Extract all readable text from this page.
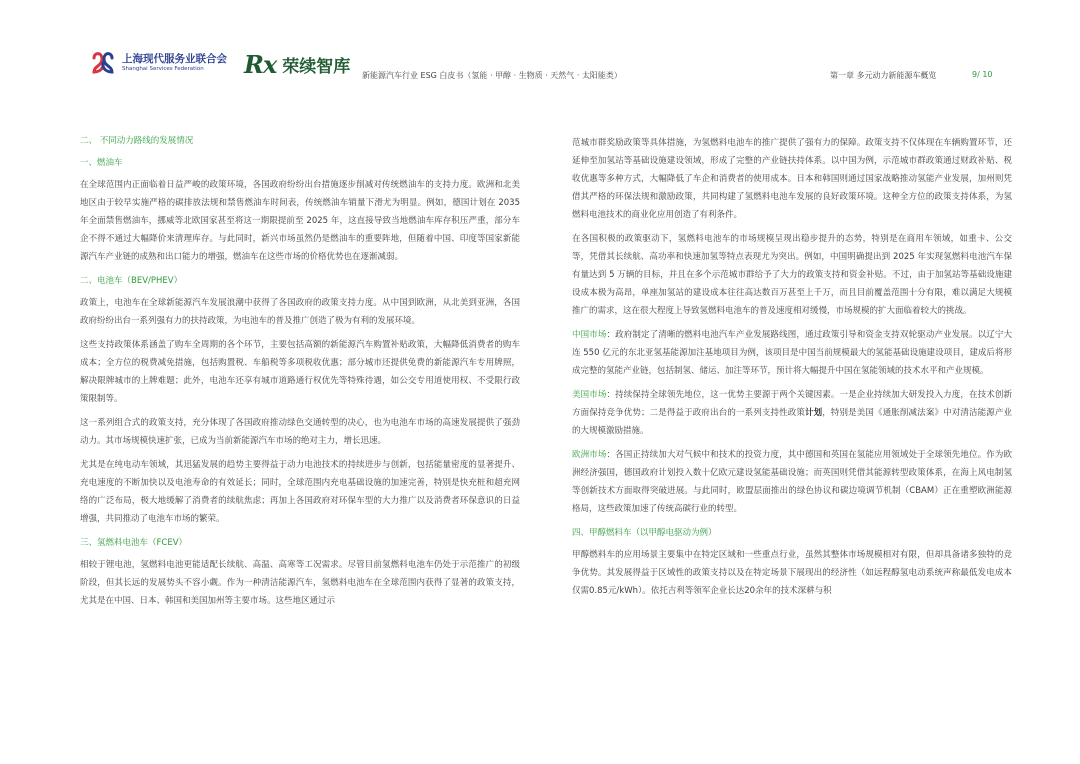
上海现代服务业联合会
Shanghai Services Federation	Rx 荣续智库 新能源汽车行业 ESG 白皮书（氢能 · 甲醇 · 生物质 · 天然气 · 太阳能类）	第一章 多元动力新能源车概览	9/ 10
二、 不同动力路线的发展情况
一、燃油车

在全球范围内正面临着日益严峻的政策环境，各国政府纷纷出台措施逐步削减对传统燃油车的支持力度。欧洲和北美地区由于较早实施严格的碳排放法规和禁售燃油车时间表，传统燃油车销量下滑尤为明显。例如，德国计划在 2035 年全面禁售燃油车，挪威等北欧国家甚至将这一期限提前至 2025 年，这直接导致当地燃油车库存积压严重，部分车企不得不通过大幅降价来清理库存。与此同时，新兴市场虽然仍是燃油车的重要阵地，但随着中国、印度等国家新能源汽车产业链的成熟和出口能力的增强，燃油车在这些市场的价格优势也在逐渐减弱。

二、电池车（BEV/PHEV）

政策上，电池车在全球新能源汽车发展浪潮中获得了各国政府的政策支持力度。从中国到欧洲，从北美到亚洲，各国政府纷纷出台一系列强有力的扶持政策，为电池车的普及推广创造了极为有利的发展环境。

这些支持政策体系涵盖了购车全周期的各个环节，主要包括高额的新能源汽车购置补贴政策，大幅降低消费者的购车成本；全方位的税费减免措施，包括购置税、车船税等多项税收优惠；部分城市还提供免费的新能源汽车专用牌照，解决限牌城市的上牌难题；此外，电池车还享有城市道路通行权优先等特殊待遇，如公交专用道使用权、不受限行政策限制等。

这一系列组合式的政策支持，充分体现了各国政府推动绿色交通转型的决心，也为电池车市场的高速发展提供了强劲动力。其市场规模快速扩张，已成为当前新能源汽车市场的绝对主力，增长迅速。

尤其是在纯电动车领域，其迅猛发展的趋势主要得益于动力电池技术的持续进步与创新，包括能量密度的显著提升、充电速度的不断加快以及电池寿命的有效延长；同时，全球范围内充电基础设施的加速完善，特别是快充桩和超充网络的广泛布局，极大地缓解了消费者的续航焦虑；再加上各国政府对环保车型的大力推广以及消费者环保意识的日益增强，共同推动了电池车市场的繁荣。

三、氢燃料电池车（FCEV）

相较于锂电池，氢燃料电池更能适配长续航、高温、高寒等工况需求。尽管目前氢燃料电池车仍处于示范推广的初级阶段，但其长远的发展势头不容小觑。作为一种清洁能源汽车，氢燃料电池车在全球范围内获得了显著的政策支持，尤其是在中国、日本、韩国和美国加州等主要市场。这些地区通过示

范城市群奖励政策等具体措施，为氢燃料电池车的推广提供了强有力的保障。政策支持不仅体现在车辆购置环节，还延伸至加氢站等基础设施建设领域，形成了完整的产业链扶持体系。以中国为例，示范城市群政策通过财政补贴、税收优惠等多种方式，大幅降低了车企和消费者的使用成本。日本和韩国则通过国家战略推动氢能产业发展，加州则凭借其严格的环保法规和激励政策，共同构建了氢燃料电池车发展的良好政策环境。这种全方位的政策支持体系，为氢燃料电池技术的商业化应用创造了有利条件。

在各国积极的政策驱动下，氢燃料电池车的市场规模呈现出稳步提升的态势，特别是在商用车领域，如重卡、公交等，凭借其长续航、高功率和快速加氢等特点表现尤为突出。例如，中国明确提出到 2025 年实现氢燃料电池汽车保有量达到 5 万辆的目标，并且在多个示范城市群给予了大力的政策支持和资金补贴。不过，由于加氢站等基础设施建设成本极为高昂，单座加氢站的建设成本往往高达数百万甚至上千万，而且目前覆盖范围十分有限，难以满足大规模推广的需求，这在很大程度上导致氢燃料电池车的普及速度相对缓慢，市场规模的扩大面临着较大的挑战。

中国市场：政府制定了清晰的燃料电池汽车产业发展路线图，通过政策引导和资金支持双轮驱动产业发展。以辽宁大连 550 亿元的东北亚氢基能源加注基地项目为例，该项目是中国当前规模最大的氢能基础设施建设项目，建成后将形成完整的氢能产业链，包括制氢、储运、加注等环节，预计将大幅提升中国在氢能领域的技术水平和产业规模。

美国市场：持续保持全球领先地位，这一优势主要源于两个关键因素。一是企业持续加大研发投入力度，在技术创新方面保持竞争优势；二是得益于政府出台的一系列支持性政策计划，特别是美国《通胀削减法案》中对清洁能源产业的大规模激励措施。

欧洲市场：各国正持续加大对气候中和技术的投资力度，其中德国和英国在氢能应用领域处于全球领先地位。作为欧洲经济强国，德国政府计划投入数十亿欧元建设氢能基础设施；而英国则凭借其能源转型政策体系，在海上风电制氢等创新技术方面取得突破进展。与此同时，欧盟层面推出的绿色协议和碳边境调节机制（CBAM）正在重塑欧洲能源格局，这些政策加速了传统高碳行业的转型。

四、甲醇燃料车（以甲醇电驱动为例）

甲醇燃料车的应用场景主要集中在特定区域和一些重点行业，虽然其整体市场规模相对有限，但却具备诸多独特的竞争优势。其发展得益于区域性的政策支持以及在特定场景下展现出的经济性（如远程醇氢电动系统声称最低发电成本仅需0.85元/kWh）。依托吉利等领军企业长达20余年的技术深耕与积
